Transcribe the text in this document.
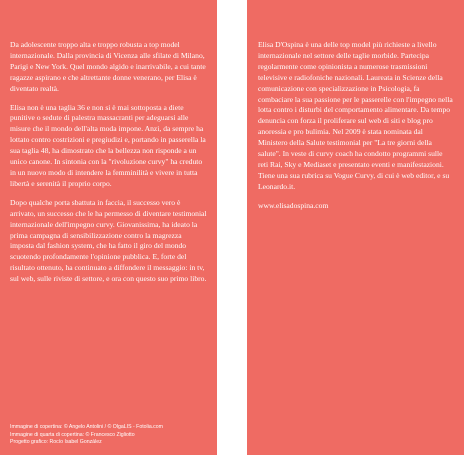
Da adolescente troppo alta e troppo robusta a top model internazionale. Dalla provincia di Vicenza alle sfilate di Milano, Parigi e New York. Quel mondo algido e inarrivabile, a cui tante ragazze aspirano e che altrettante donne venerano, per Elisa è diventato realtà.

Elisa non è una taglia 36 e non si è mai sottoposta a diete punitive o sedute di palestra massacranti per adeguarsi alle misure che il mondo dell'alta moda impone. Anzi, da sempre ha lottato contro costrizioni e pregiudizi e, portando in passerella la sua taglia 48, ha dimostrato che la bellezza non risponde a un unico canone. In sintonia con la "rivoluzione curvy" ha creduto in un nuovo modo di intendere la femminilità e vivere in tutta libertà e serenità il proprio corpo.

Dopo qualche porta sbattuta in faccia, il successo vero è arrivato, un successo che le ha permesso di diventare testimonial internazionale dell'impegno curvy. Giovanissima, ha ideato la prima campagna di sensibilizzazione contro la magrezza imposta dal fashion system, che ha fatto il giro del mondo scuotendo profondamente l'opinione pubblica. E, forte del risultato ottenuto, ha continuato a diffondere il messaggio: in tv, sul web, sulle riviste di settore, e ora con questo suo primo libro.

Immagine di copertina: © Angelo Antolini / © OlgaLIS - Fotolia.com
Immagine di quarta di copertina: © Francesco Zigliotto
Progetto grafico: Rocío Isabel González

Elisa D'Ospina è una delle top model più richieste a livello internazionale nel settore delle taglie morbide. Partecipa regolarmente come opinionista a numerose trasmissioni televisive e radiofoniche nazionali. Laureata in Scienze della comunicazione con specializzazione in Psicologia, fa combaciare la sua passione per le passerelle con l'impegno nella lotta contro i disturbi del comportamento alimentare. Da tempo denuncia con forza il proliferare sul web di siti e blog pro anoressia e pro bulimia. Nel 2009 è stata nominata dal Ministero della Salute testimonial per "La tre giorni della salute". In veste di curvy coach ha condotto programmi sulle reti Rai, Sky e Mediaset e presentato eventi e manifestazioni. Tiene una sua rubrica su Vogue Curvy, di cui è web editor, e su Leonardo.it.

www.elisadospina.com
